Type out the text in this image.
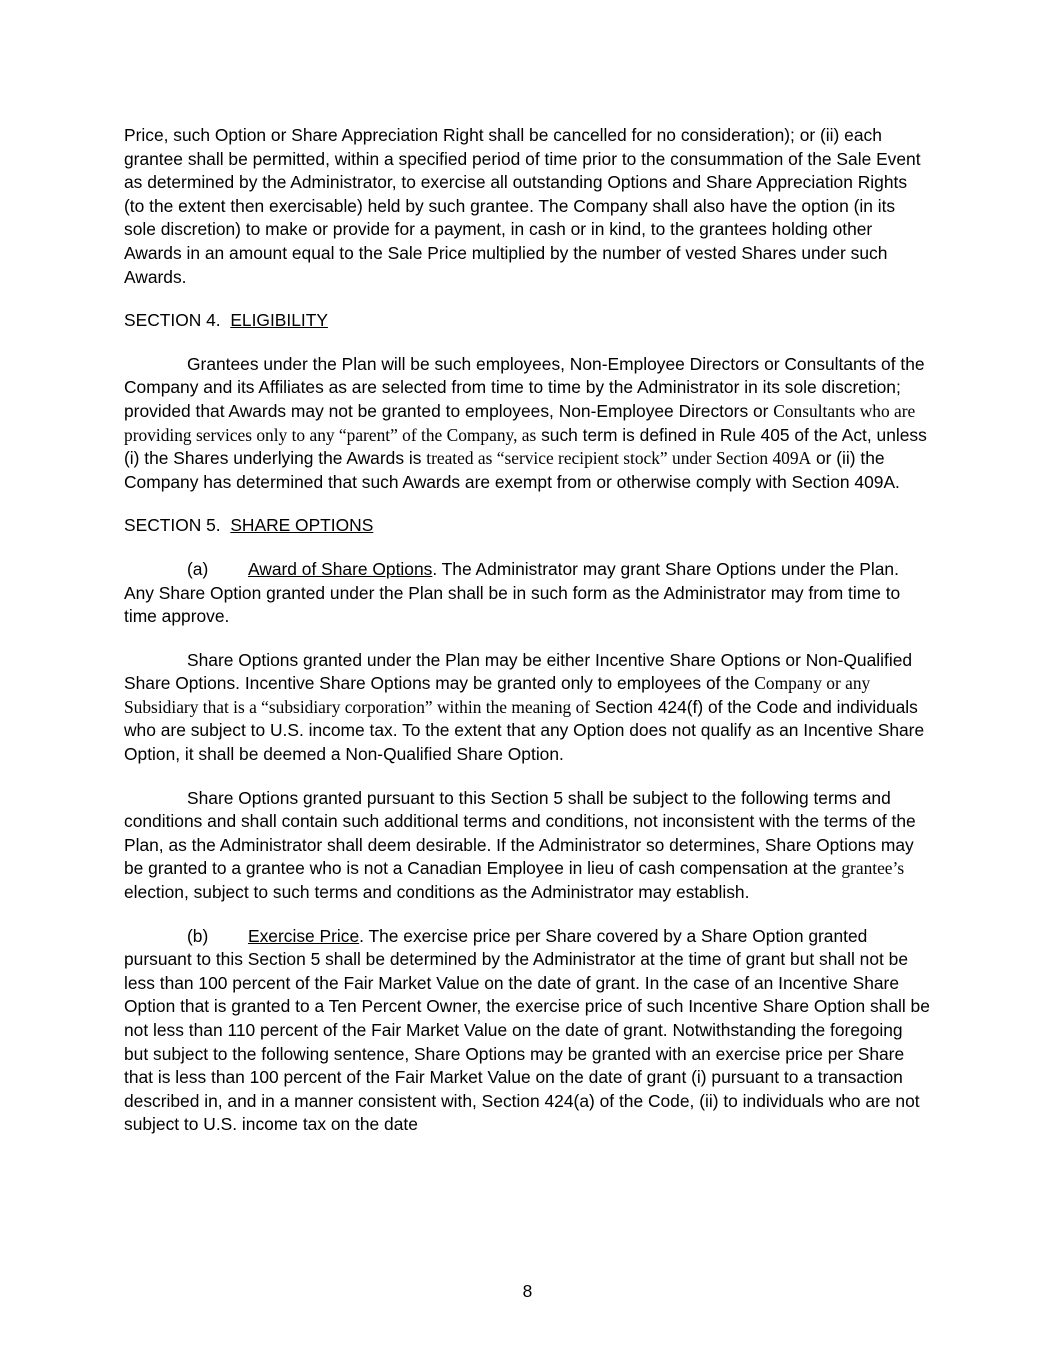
Price, such Option or Share Appreciation Right shall be cancelled for no consideration); or (ii) each grantee shall be permitted, within a specified period of time prior to the consummation of the Sale Event as determined by the Administrator, to exercise all outstanding Options and Share Appreciation Rights (to the extent then exercisable) held by such grantee. The Company shall also have the option (in its sole discretion) to make or provide for a payment, in cash or in kind, to the grantees holding other Awards in an amount equal to the Sale Price multiplied by the number of vested Shares under such Awards.

SECTION 4. ELIGIBILITY

Grantees under the Plan will be such employees, Non-Employee Directors or Consultants of the Company and its Affiliates as are selected from time to time by the Administrator in its sole discretion; provided that Awards may not be granted to employees, Non-Employee Directors or Consultants who are providing services only to any “parent” of the Company, as such term is defined in Rule 405 of the Act, unless (i) the Shares underlying the Awards is treated as “service recipient stock” under Section 409A or (ii) the Company has determined that such Awards are exempt from or otherwise comply with Section 409A.

SECTION 5. SHARE OPTIONS

(a) Award of Share Options. The Administrator may grant Share Options under the Plan. Any Share Option granted under the Plan shall be in such form as the Administrator may from time to time approve.

Share Options granted under the Plan may be either Incentive Share Options or Non-Qualified Share Options. Incentive Share Options may be granted only to employees of the Company or any Subsidiary that is a “subsidiary corporation” within the meaning of Section 424(f) of the Code and individuals who are subject to U.S. income tax. To the extent that any Option does not qualify as an Incentive Share Option, it shall be deemed a Non-Qualified Share Option.

Share Options granted pursuant to this Section 5 shall be subject to the following terms and conditions and shall contain such additional terms and conditions, not inconsistent with the terms of the Plan, as the Administrator shall deem desirable. If the Administrator so determines, Share Options may be granted to a grantee who is not a Canadian Employee in lieu of cash compensation at the grantee’s election, subject to such terms and conditions as the Administrator may establish.

(b) Exercise Price. The exercise price per Share covered by a Share Option granted pursuant to this Section 5 shall be determined by the Administrator at the time of grant but shall not be less than 100 percent of the Fair Market Value on the date of grant. In the case of an Incentive Share Option that is granted to a Ten Percent Owner, the exercise price of such Incentive Share Option shall be not less than 110 percent of the Fair Market Value on the date of grant. Notwithstanding the foregoing but subject to the following sentence, Share Options may be granted with an exercise price per Share that is less than 100 percent of the Fair Market Value on the date of grant (i) pursuant to a transaction described in, and in a manner consistent with, Section 424(a) of the Code, (ii) to individuals who are not subject to U.S. income tax on the date

8
